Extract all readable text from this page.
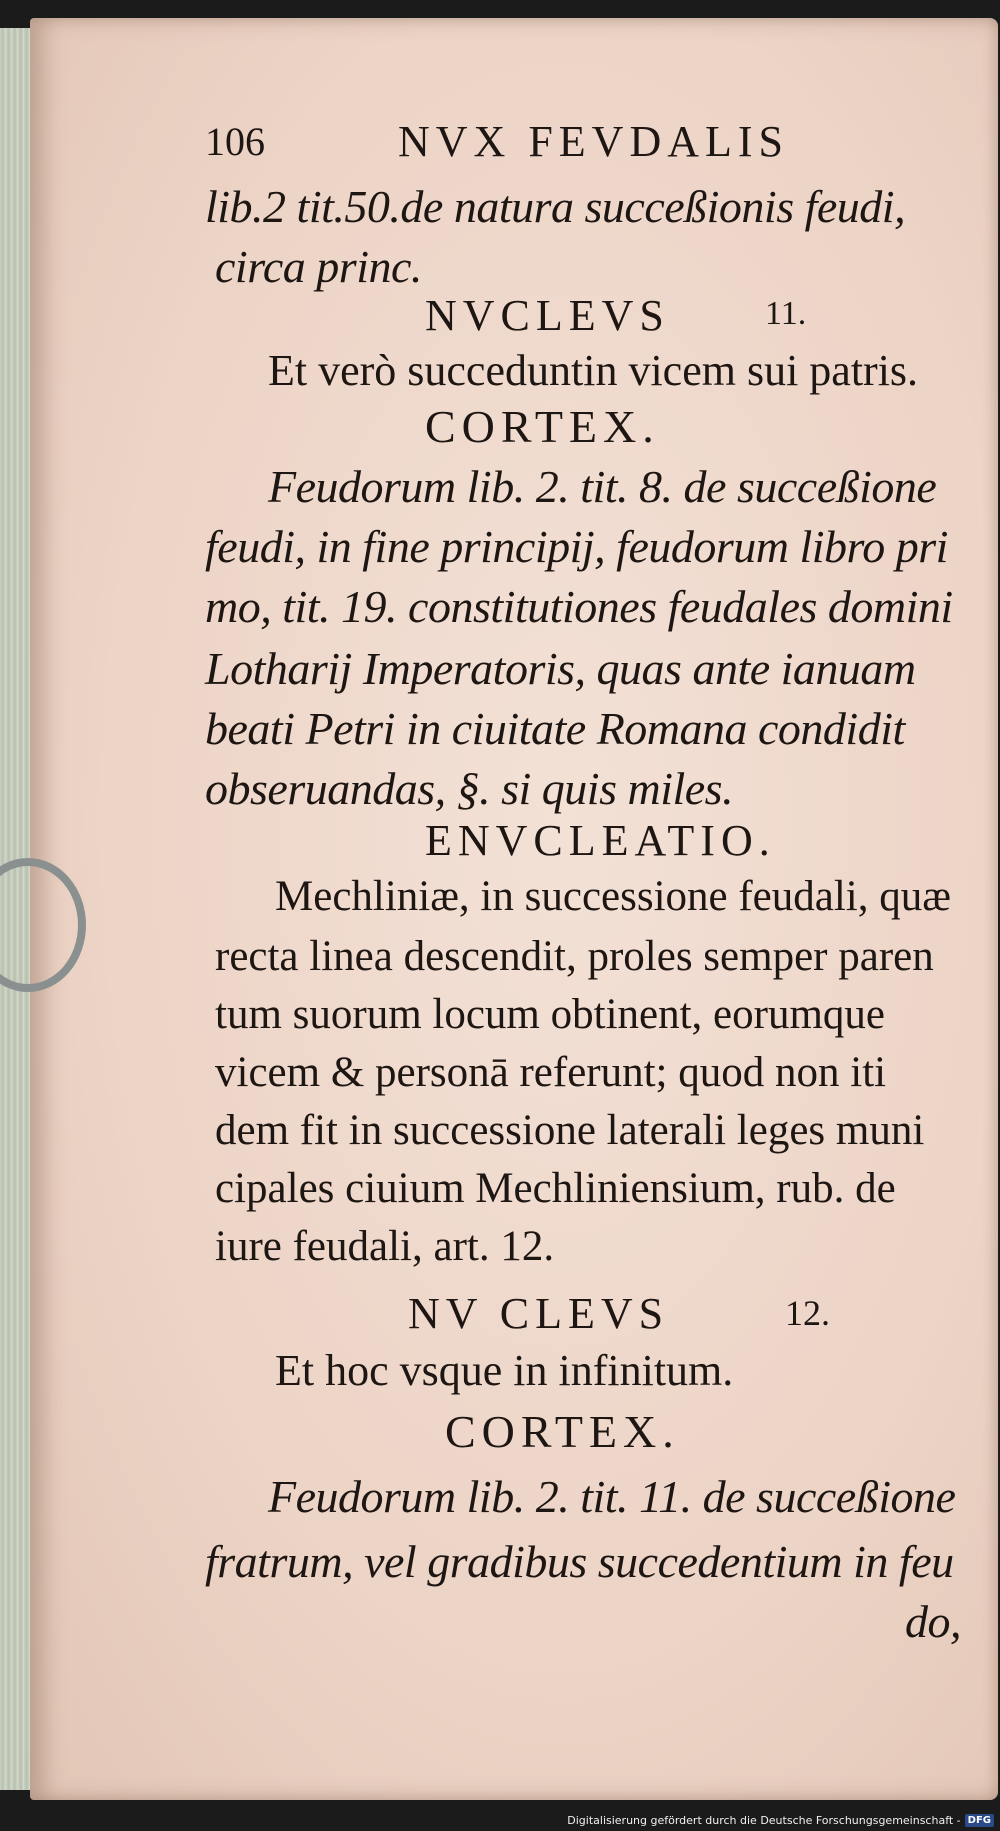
106	NVX FEVDALIS
lib.2 tit.50.de natura succeßionis feudi,
circa princ.
NVCLEVS	11.
Et verò succeduntin vicem sui patris.
CORTEX.
Feudorum lib. 2. tit. 8. de succeßione
feudi, in fine principij, feudorum libro pri
mo, tit. 19. constitutiones feudales domini
Lotharij Imperatoris, quas ante ianuam
beati Petri in ciuitate Romana condidit
obseruandas, §. si quis miles.
ENVCLEATIO.
Mechliniæ, in successione feudali, quæ
recta linea descendit, proles semper paren
tum suorum locum obtinent, eorumque
vicem & personā referunt; quod non iti
dem fit in successione laterali leges muni
cipales ciuium Mechliniensium, rub. de
iure feudali, art. 12.
NV CLEVS	12.
Et hoc vsque in infinitum.
CORTEX.
Feudorum lib. 2. tit. 11. de succeßione
fratrum, vel gradibus succedentium in feu
do,
Digitalisierung gefördert durch die Deutsche Forschungsgemeinschaft - DFG
